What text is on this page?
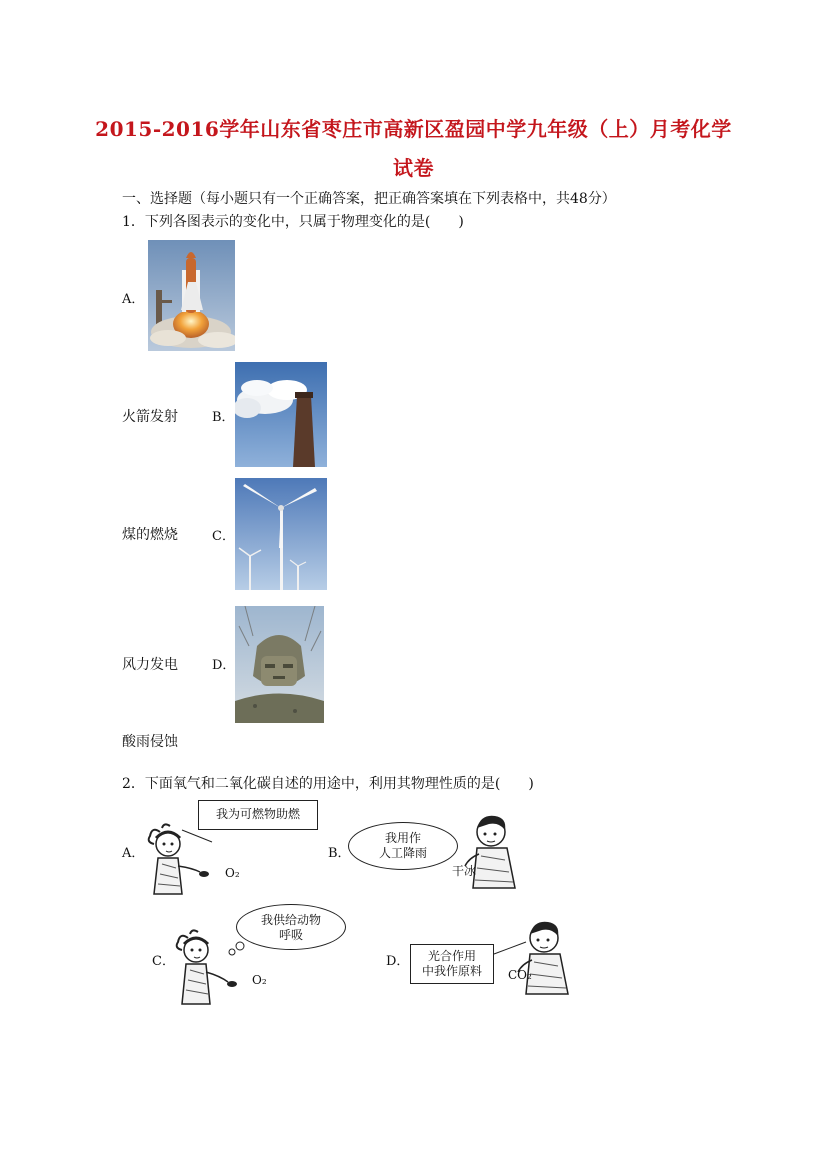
2015-2016学年山东省枣庄市高新区盈园中学九年级（上）月考化学
试卷
一、选择题（每小题只有一个正确答案，把正确答案填在下列表格中，共48分）
1．下列各图表示的变化中，只属于物理变化的是(　　)
A．
火箭发射	B．
煤的燃烧	C．
风力发电	D．
酸雨侵蚀
2．下面氧气和二氧化碳自述的用途中，利用其物理性质的是(　　)
A．
我为可燃物助燃
O₂
B．
我用作
人工降雨
干冰
C．
我供给动物
呼吸
O₂
D．	光合作用
中我作原料	CO₂
